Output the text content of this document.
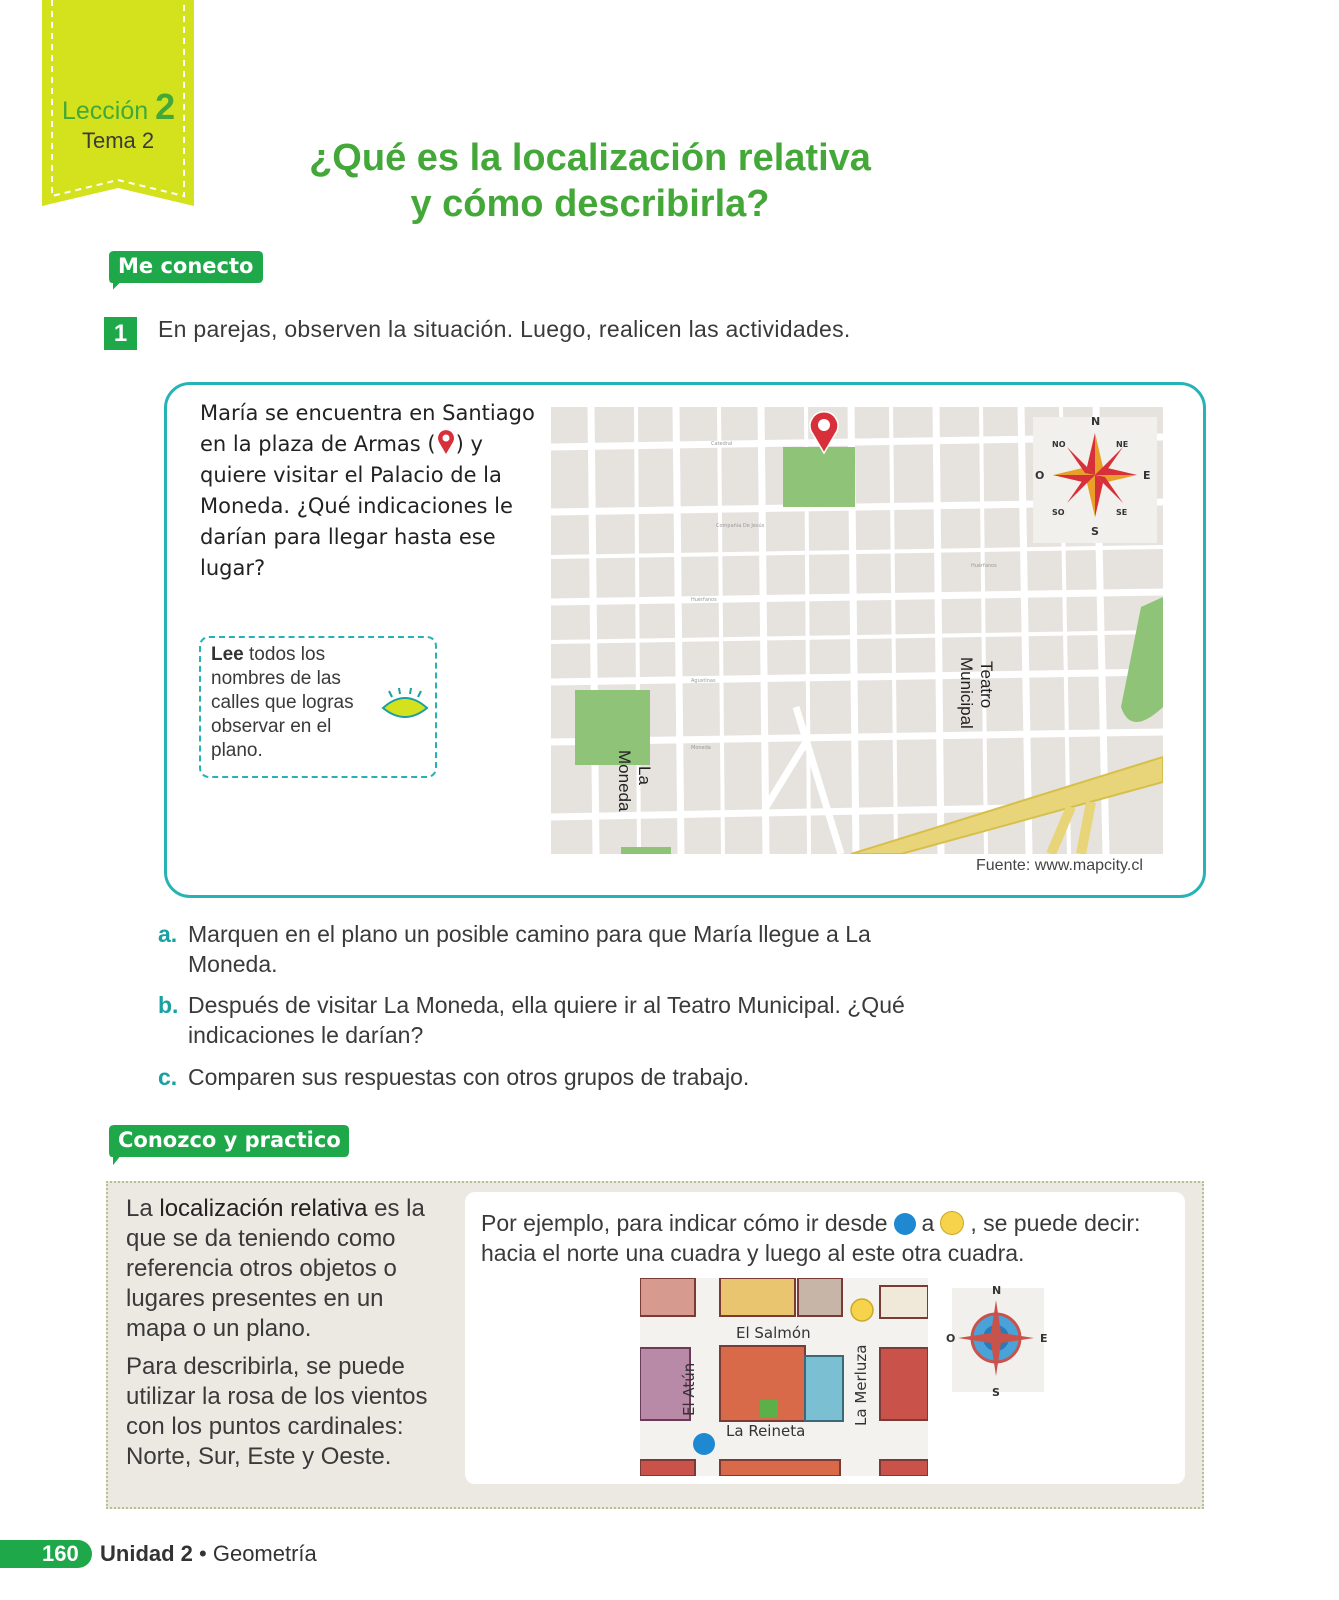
Lección 2
Tema 2	¿Qué es la localización relativa
y cómo describirla?
Me conecto
1	En parejas, observen la situación. Luego, realicen las actividades.
María se encuentra en Santiago en la plaza de Armas ( ) y quiere visitar el Palacio de la Moneda. ¿Qué indicaciones le darían para llegar hasta ese lugar?
Lee todos los nombres de las calles que logras observar en el plano.
Catedral
Compañía De Jesús
Huérfanos
Agustinas
Moneda
Huérfanos
N
S
E
O
NE
NO
SE
SO
La
Moneda
Teatro
Municipal
Fuente: www.mapcity.cl
a. Marquen en el plano un posible camino para que María llegue a La
Moneda.
b. Después de visitar La Moneda, ella quiere ir al Teatro Municipal. ¿Qué
indicaciones le darían?
c. Comparen sus respuestas con otros grupos de trabajo.
Conozco y practico
La localización relativa es la que se da teniendo como referencia otros objetos o lugares presentes en un mapa o un plano.
Para describirla, se puede utilizar la rosa de los vientos con los puntos cardinales: Norte, Sur, Este y Oeste.
Por ejemplo, para indicar cómo ir desde a , se puede decir: hacia el norte una cuadra y luego al este otra cuadra.
El Salmón
La Reineta
El Atún	La Merluza
N
S
E
O
160 Unidad 2 • Geometría
